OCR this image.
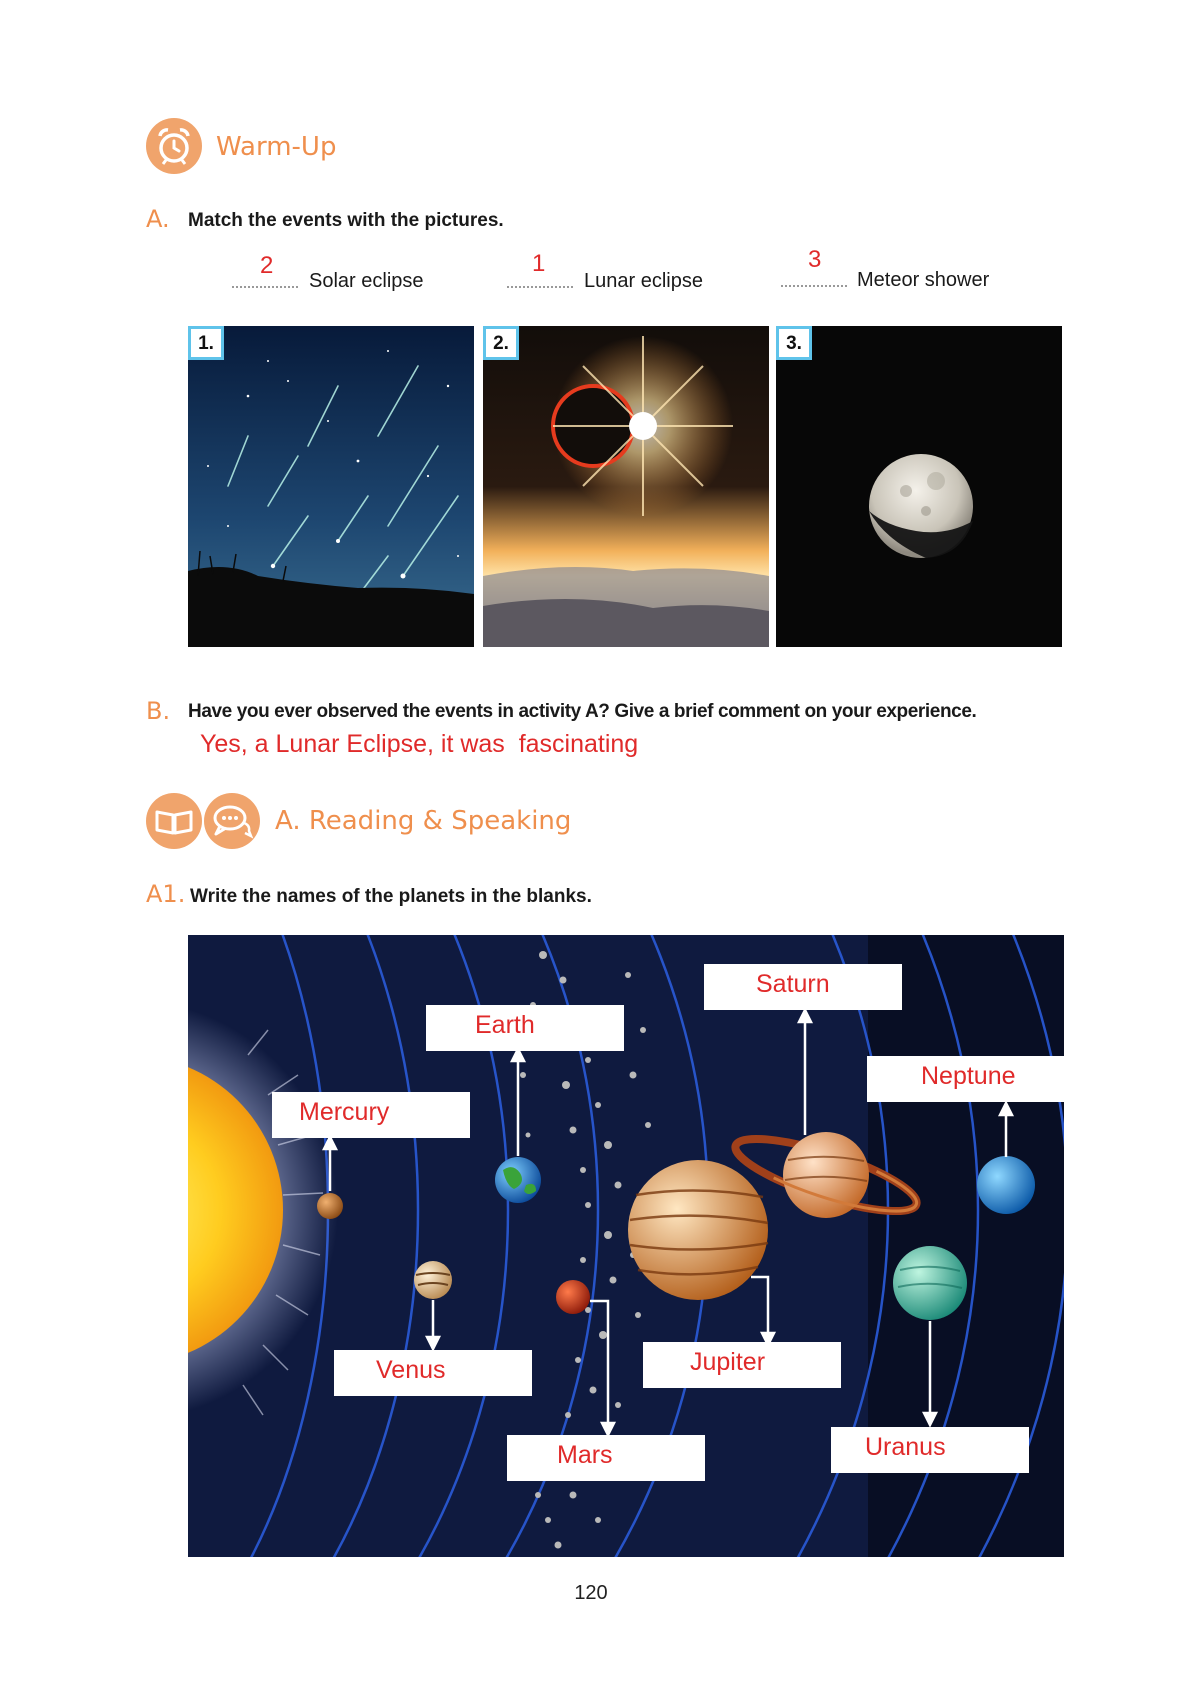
Warm-Up
A. Match the events with the pictures.
2
Solar eclipse
1
Lunar eclipse
3
Meteor shower
1.	2.	3.
B. Have you ever observed the events in activity A? Give a brief comment on your experience.
Yes, a Lunar Eclipse, it was  fascinating
A. Reading & Speaking
A1. Write the names of the planets in the blanks.
Mercury
Earth
Venus
Mars
Jupiter
Saturn
Uranus
Neptune
120
